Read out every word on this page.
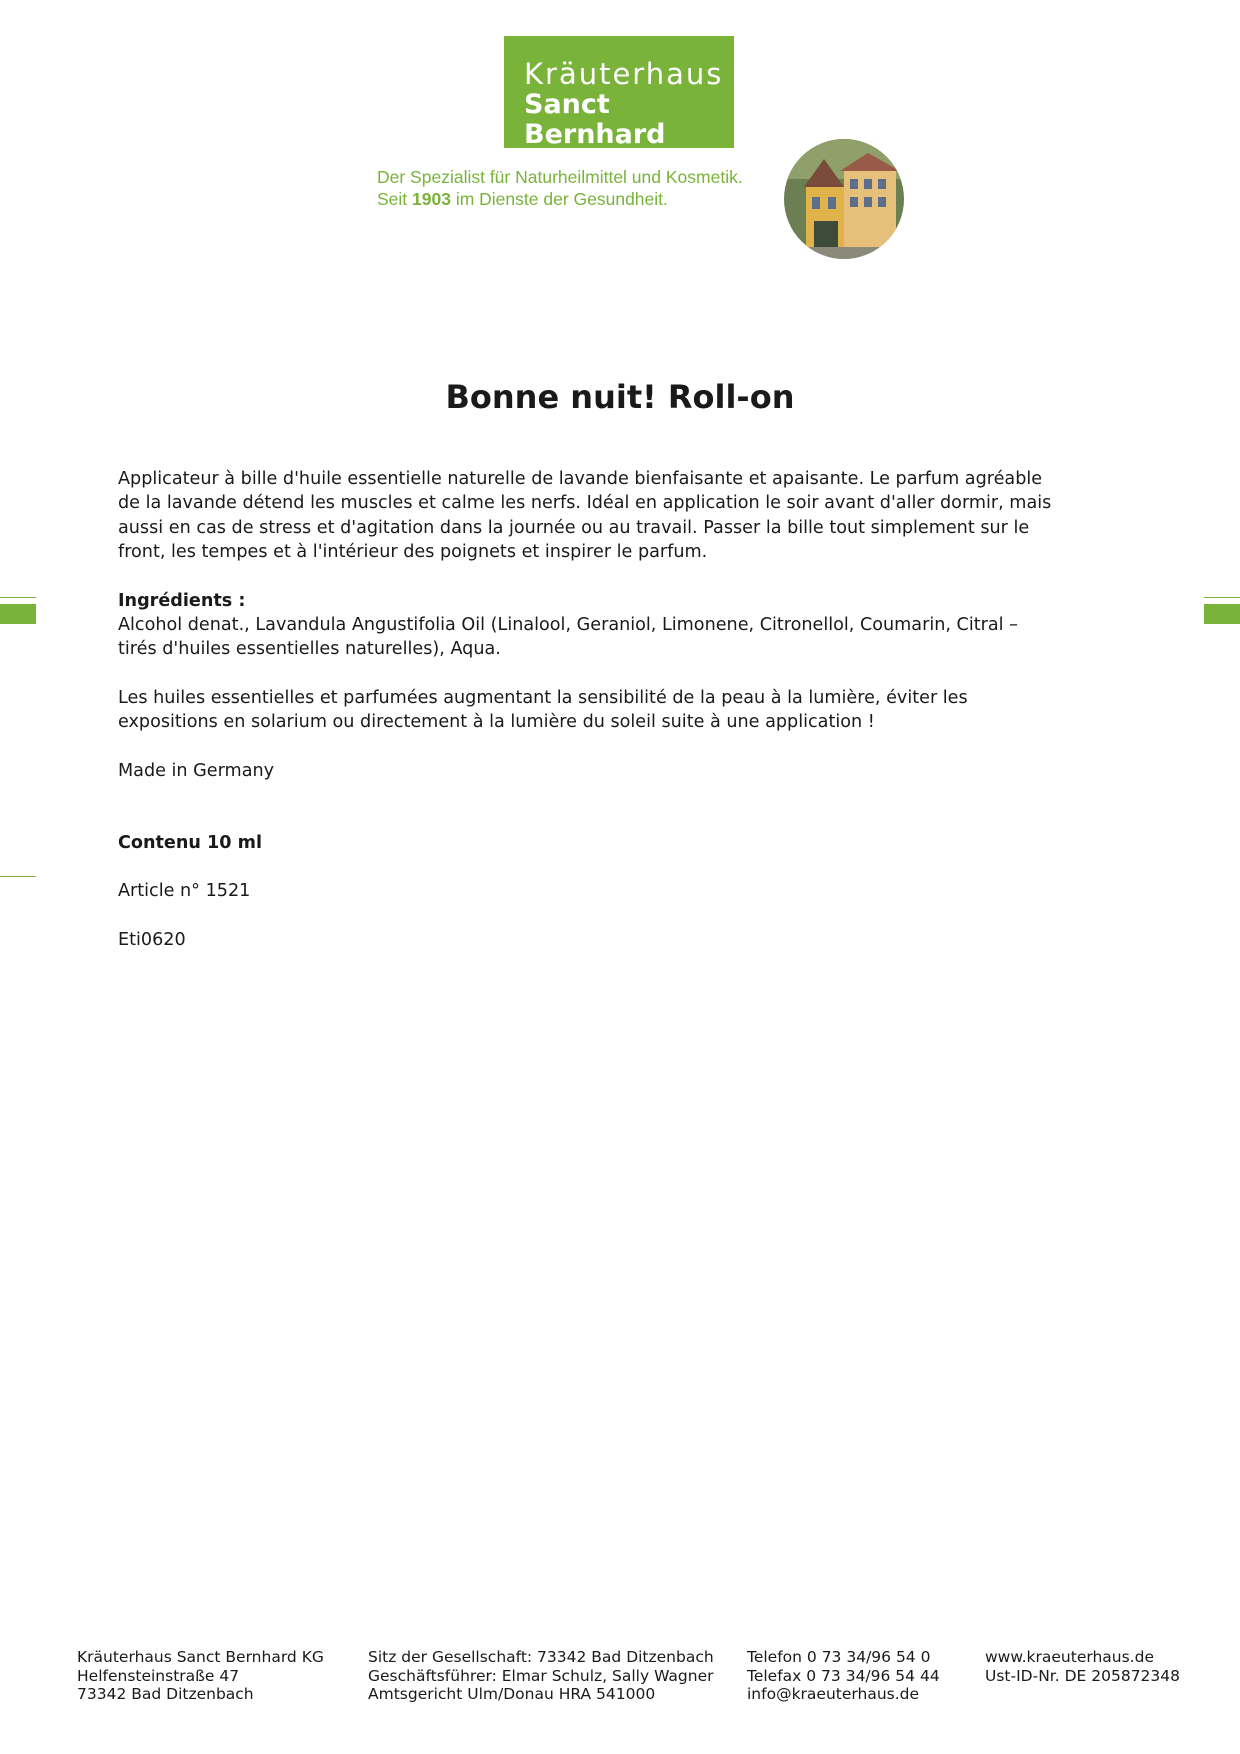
Kräuterhaus
Sanct Bernhard
Der Spezialist für Naturheilmittel und Kosmetik.
Seit 1903 im Dienste der Gesundheit.
Bonne nuit! Roll-on

Applicateur à bille d'huile essentielle naturelle de lavande bienfaisante et apaisante. Le parfum agréable de la lavande détend les muscles et calme les nerfs. Idéal en application le soir avant d'aller dormir, mais aussi en cas de stress et d'agitation dans la journée ou au travail. Passer la bille tout simplement sur le front, les tempes et à l'intérieur des poignets et inspirer le parfum.

Ingrédients :

Alcohol denat., Lavandula Angustifolia Oil (Linalool, Geraniol, Limonene, Citronellol, Coumarin, Citral – tirés d'huiles essentielles naturelles), Aqua.

Les huiles essentielles et parfumées augmentant la sensibilité de la peau à la lumière, éviter les expositions en solarium ou directement à la lumière du soleil suite à une application !

Made in Germany

Contenu 10 ml

Article n° 1521

Eti0620

Kräuterhaus Sanct Bernhard KG
Helfensteinstraße 47
73342 Bad Ditzenbach
Sitz der Gesellschaft: 73342 Bad Ditzenbach
Geschäftsführer: Elmar Schulz, Sally Wagner
Amtsgericht Ulm/Donau HRA 541000
Telefon 0 73 34/96 54 0
Telefax 0 73 34/96 54 44
info@kraeuterhaus.de
www.kraeuterhaus.de
Ust-ID-Nr. DE 205872348
